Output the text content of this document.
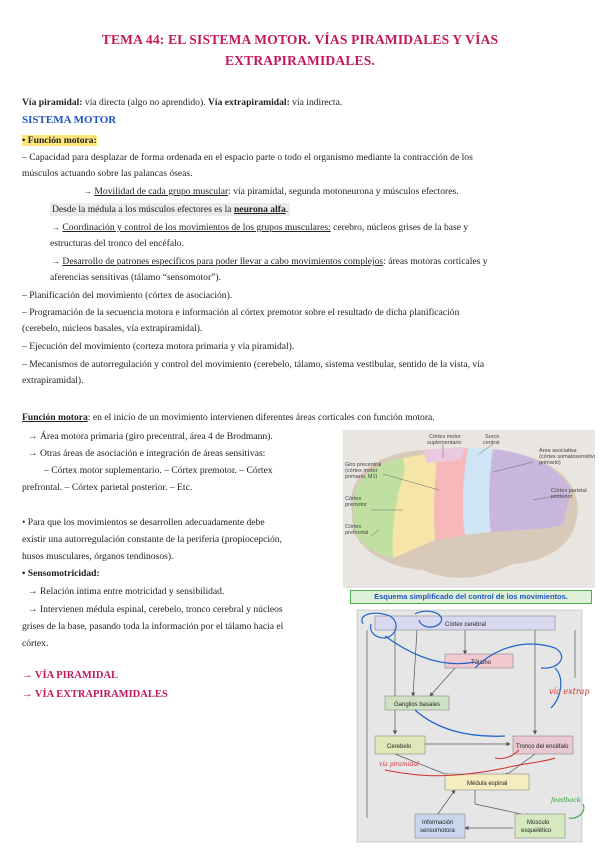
TEMA 44: EL SISTEMA MOTOR. VÍAS PIRAMIDALES Y VÍAS
EXTRAPIRAMIDALES.
Vía piramidal: vía directa (algo no aprendido). Vía extrapiramidal: vía indirecta.
SISTEMA MOTOR
• Función motora:
– Capacidad para desplazar de forma ordenada en el espacio parte o todo el organismo mediante la contracción de los
músculos actuando sobre las palancas óseas.
→ Movilidad de cada grupo muscular: vía piramidal, segunda motoneurona y músculos efectores.
Desde la médula a los músculos efectores es la neurona alfa.
→ Coordinación y control de los movimientos de los grupos musculares: cerebro, núcleos grises de la base y
estructuras del tronco del encéfalo.
→ Desarrollo de patrones específicos para poder llevar a cabo movimientos complejos: áreas motoras corticales y
aferencias sensitivas (tálamo “sensomotor”).
– Planificación del movimiento (córtex de asociación).
– Programación de la secuencia motora e información al córtex premotor sobre el resultado de dicha planificación
(cerebelo, núcleos basales, vía extrapiramidal).
– Ejecución del movimiento (corteza motora primaria y vía piramidal).
– Mecanismos de autorregulación y control del movimiento (cerebelo, tálamo, sistema vestibular, sentido de la vista, vía
extrapiramidal).
Función motora: en el inicio de un movimiento intervienen diferentes áreas corticales con función motora.
→ Área motora primaria (giro precentral, área 4 de Brodmann).
→ Otras áreas de asociación e integración de áreas sensitivas:
– Córtex motor suplementario. – Córtex premotor. – Córtex
prefrontal. – Córtex parietal posterior. – Etc.
• Para que los movimientos se desarrollen adecuadamente debe
existir una autorregulación constante de la periferia (propiocepción,
husos musculares, órganos tendinosos).
• Sensomotricidad:
→ Relación íntima entre motricidad y sensibilidad.
→ Intervienen médula espinal, cerebelo, tronco cerebral y núcleos
grises de la base, pasando toda la información por el tálamo hacia el
córtex.
→ VÍA PIRAMIDAL
→ VÍA EXTRAPIRAMIDALES
Córtex motor
suplementario
Surco
central
Área asociativa
(córtex somatosensitivo
primario)
Giro precentral
(córtex motor
primario, M1)
Córtex
premotor
Córtex
prefrontal
Córtex parietal
posterior
Esquema simplificado del control de los movimientos.
Córtex cerebral
Tálamo
Ganglios basales
Cerebelo	Tronco del encéfalo
Médula espinal
Información
sensomotora
Músculo
esquelético
vía extrap
vía piramidal
feedback
